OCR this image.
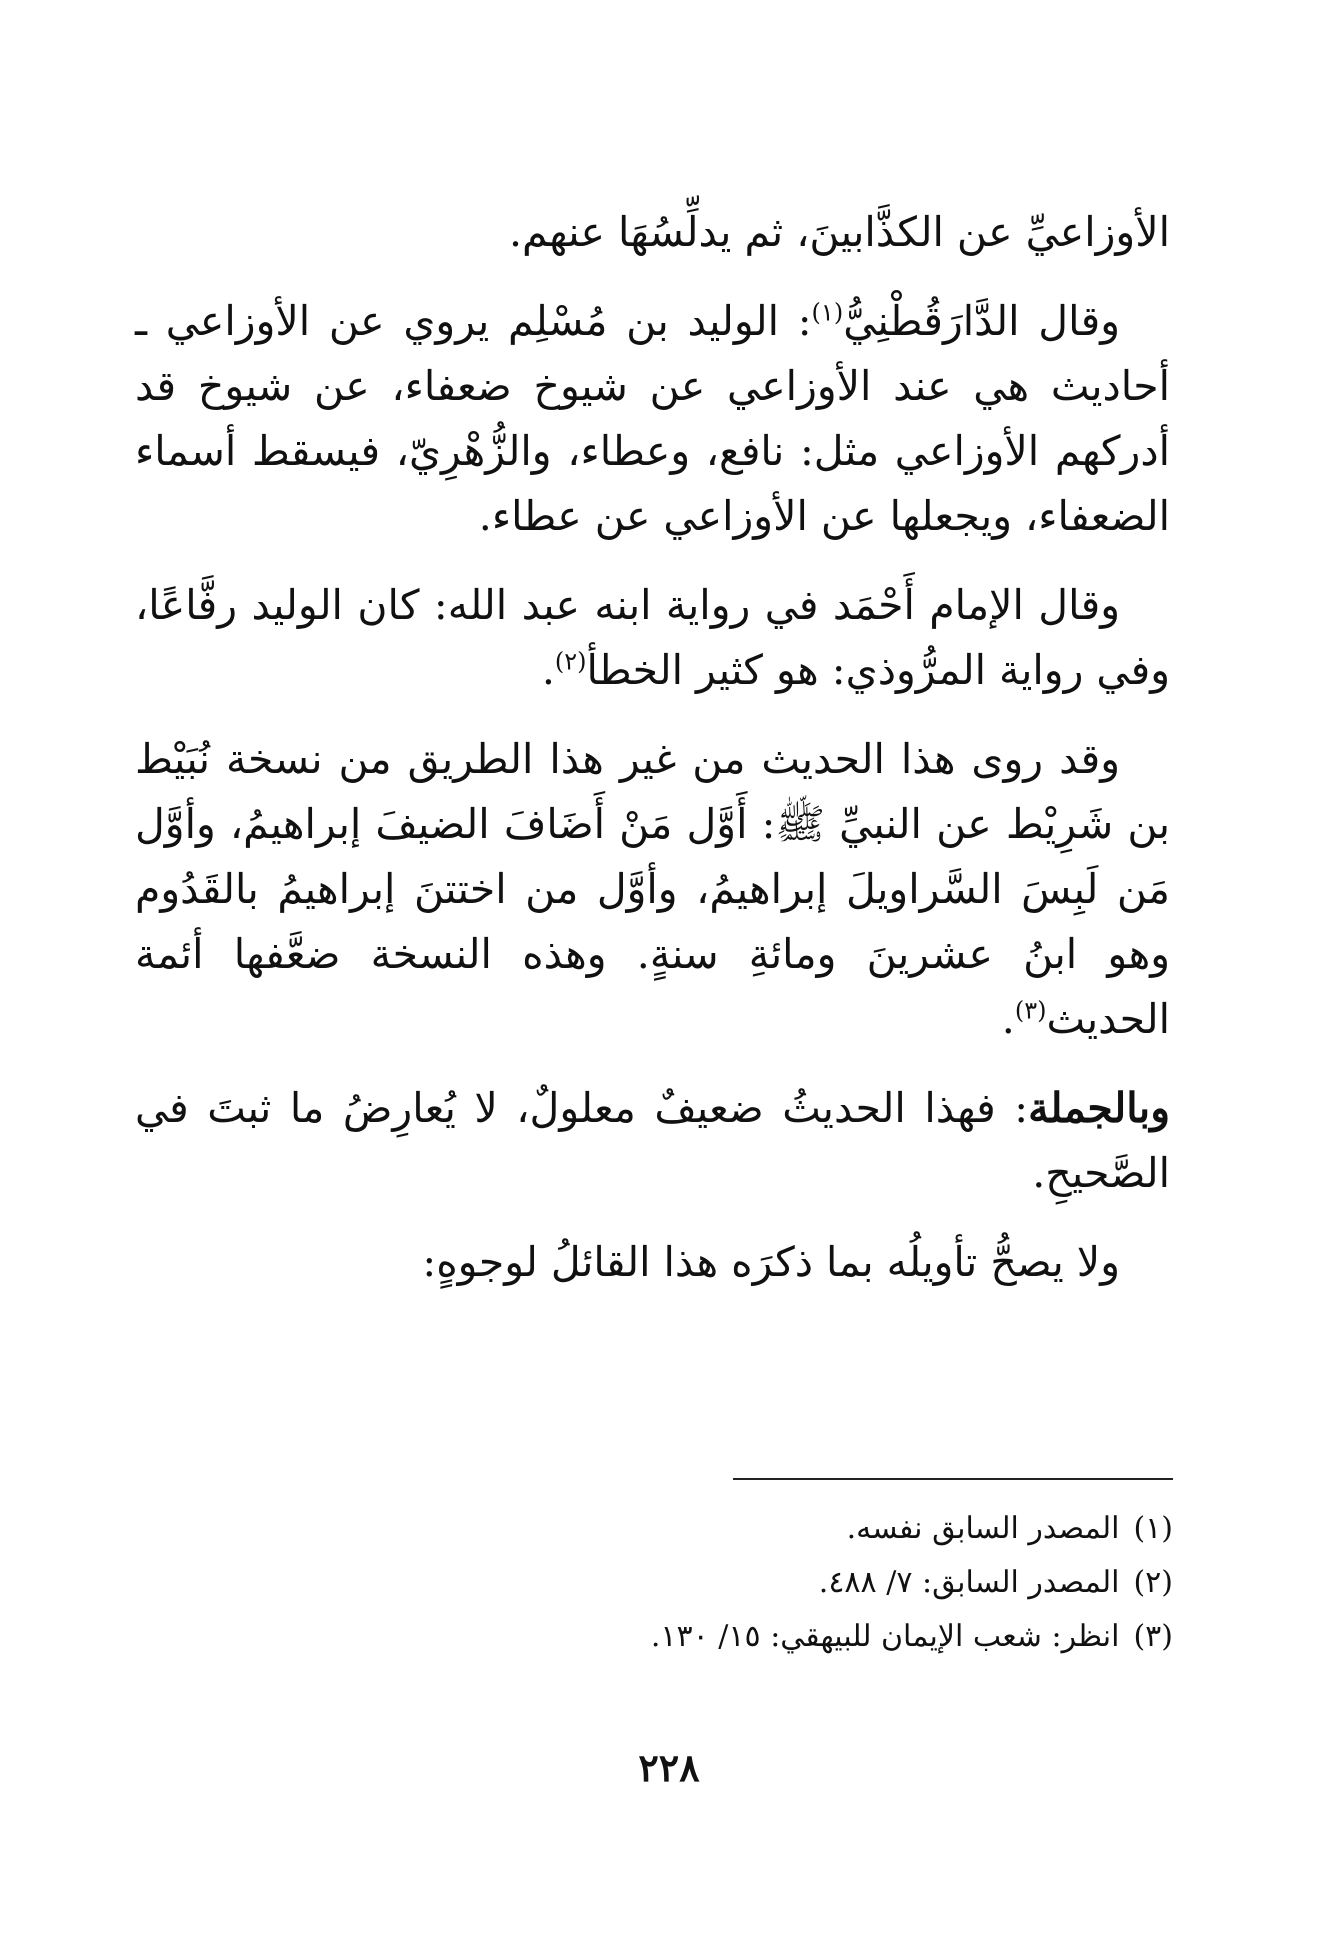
الأوزاعيِّ عن الكذَّابينَ، ثم يدلِّسُهَا عنهم.

وقال الدَّارَقُطْنِيُّ$^{(١)}$: الوليد بن مُسْلِم يروي عن الأوزاعي ـ أحاديث هي عند الأوزاعي عن شيوخ ضعفاء، عن شيوخ قد أدركهم الأوزاعي مثل: نافع، وعطاء، والزُّهْرِيّ، فيسقط أسماء الضعفاء، ويجعلها عن الأوزاعي عن عطاء.

وقال الإمام أَحْمَد في رواية ابنه عبد الله: كان الوليد رفَّاعًا، وفي رواية المرُّوذي: هو كثير الخطأ$^{(٢)}$.

وقد روى هذا الحديث من غير هذا الطريق من نسخة نُبَيْط بن شَرِيْط عن النبيِّ ﷺ: أَوَّل مَنْ أَضَافَ الضيفَ إبراهيمُ، وأوَّل مَن لَبِسَ السَّراويلَ إبراهيمُ، وأوَّل من اختتنَ إبراهيمُ بالقَدُوم وهو ابنُ عشرينَ ومائةِ سنةٍ. وهذه النسخة ضعَّفها أئمة الحديث$^{(٣)}$.

وبالجملة: فهذا الحديثُ ضعيفٌ معلولٌ، لا يُعارِضُ ما ثبتَ في الصَّحيحِ.

ولا يصحُّ تأويلُه بما ذكرَه هذا القائلُ لوجوهٍ:

(١)المصدر السابق نفسه.
(٢)المصدر السابق: ٧/ ٤٨٨.
(٣)انظر: شعب الإيمان للبيهقي: ١٥/ ١٣٠.
٢٢٨
